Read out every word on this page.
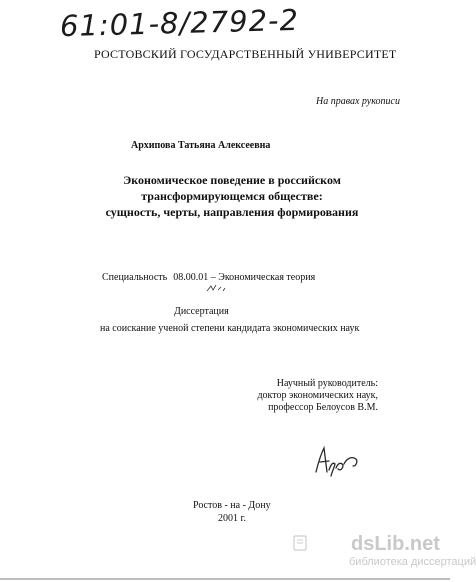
61:01-8/2792-2
РОСТОВСКИЙ ГОСУДАРСТВЕННЫЙ УНИВЕРСИТЕТ
На правах рукописи
Архипова Татьяна Алексеевна
Экономическое поведение в российском
трансформирующемся обществе:
сущность, черты, направления формирования
Специальность 08.00.01 – Экономическая теория
Диссертация
на соискание ученой степени кандидата экономических наук
Научный руководитель:
доктор экономических наук,
профессор Белоусов В.М.
Ростов - на - Дону
2001 г.
dsLib.net
библиотека диссертаций
